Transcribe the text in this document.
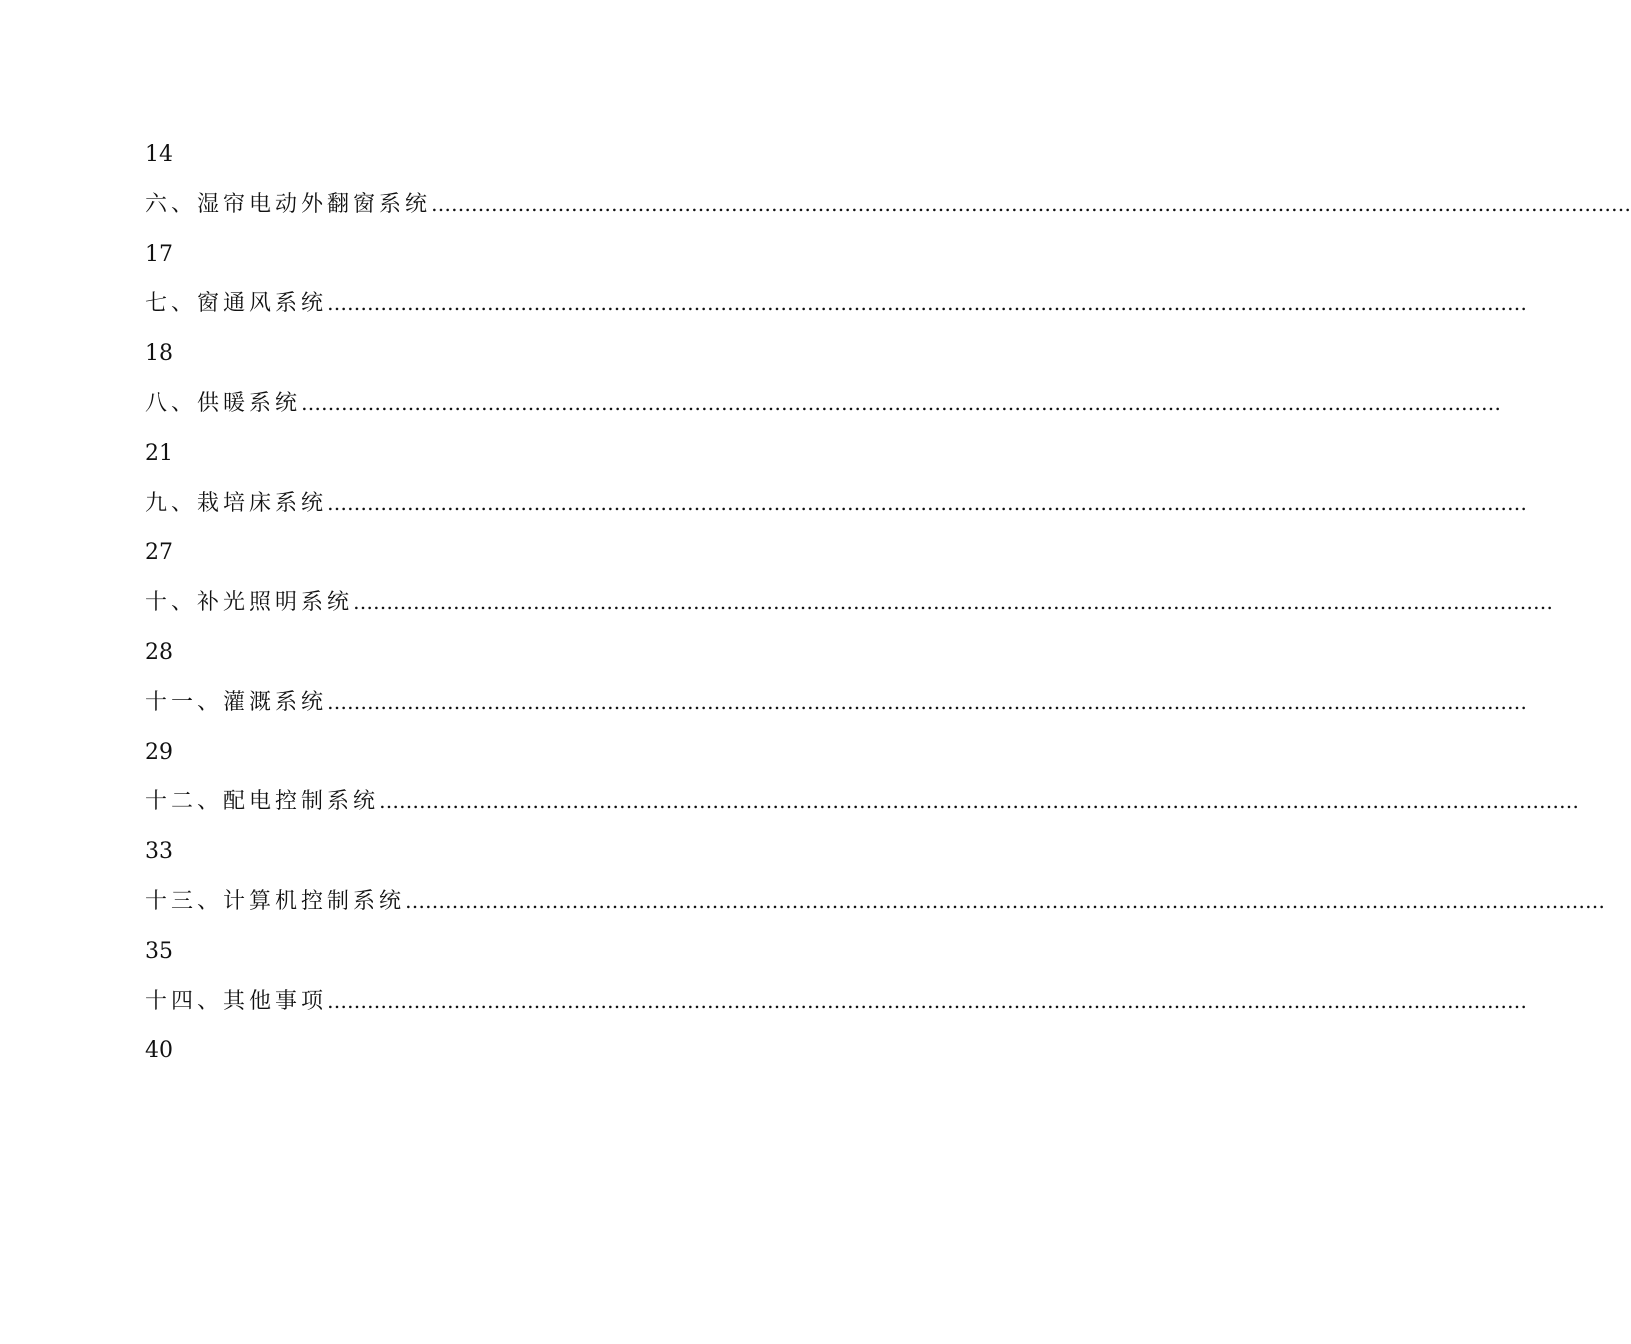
14
六、湿帘电动外翻窗系统 ………………………………………………………………………………………………………………………………………………………………
17
七、窗通风系统 ………………………………………………………………………………………………………………………………………………………………
18
八、供暖系统 ………………………………………………………………………………………………………………………………………………………………
21
九、栽培床系统 ………………………………………………………………………………………………………………………………………………………………
27
十、补光照明系统 ………………………………………………………………………………………………………………………………………………………………
28
十一、灌溉系统 ………………………………………………………………………………………………………………………………………………………………
29
十二、配电控制系统 ………………………………………………………………………………………………………………………………………………………………
33
十三、计算机控制系统 ………………………………………………………………………………………………………………………………………………………………
35
十四、其他事项 ………………………………………………………………………………………………………………………………………………………………
40
